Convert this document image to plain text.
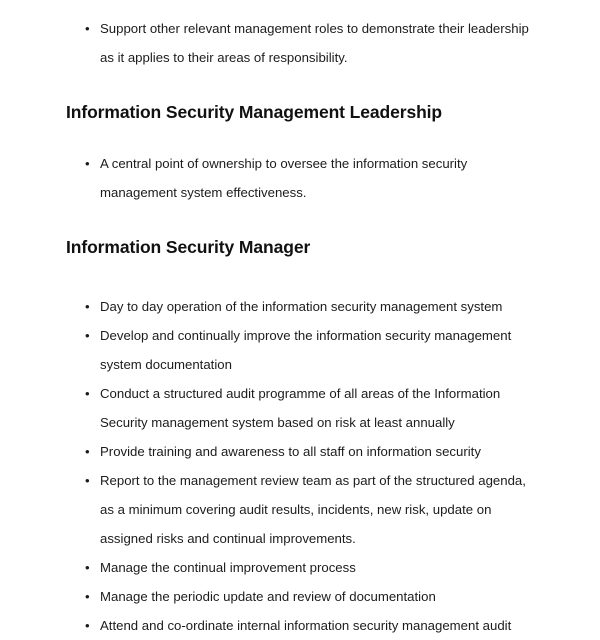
• Support other relevant management roles to demonstrate their leadership as it applies to their areas of responsibility.
Information Security Management Leadership
• A central point of ownership to oversee the information security management system effectiveness.
Information Security Manager
• Day to day operation of the information security management system
• Develop and continually improve the information security management system documentation
• Conduct a structured audit programme of all areas of the Information Security management system based on risk at least annually
• Provide training and awareness to all staff on information security
• Report to the management review team as part of the structured agenda, as a minimum covering audit results, incidents, new risk, update on assigned risks and continual improvements.
• Manage the continual improvement process
• Manage the periodic update and review of documentation
• Attend and co-ordinate internal information security management audit
